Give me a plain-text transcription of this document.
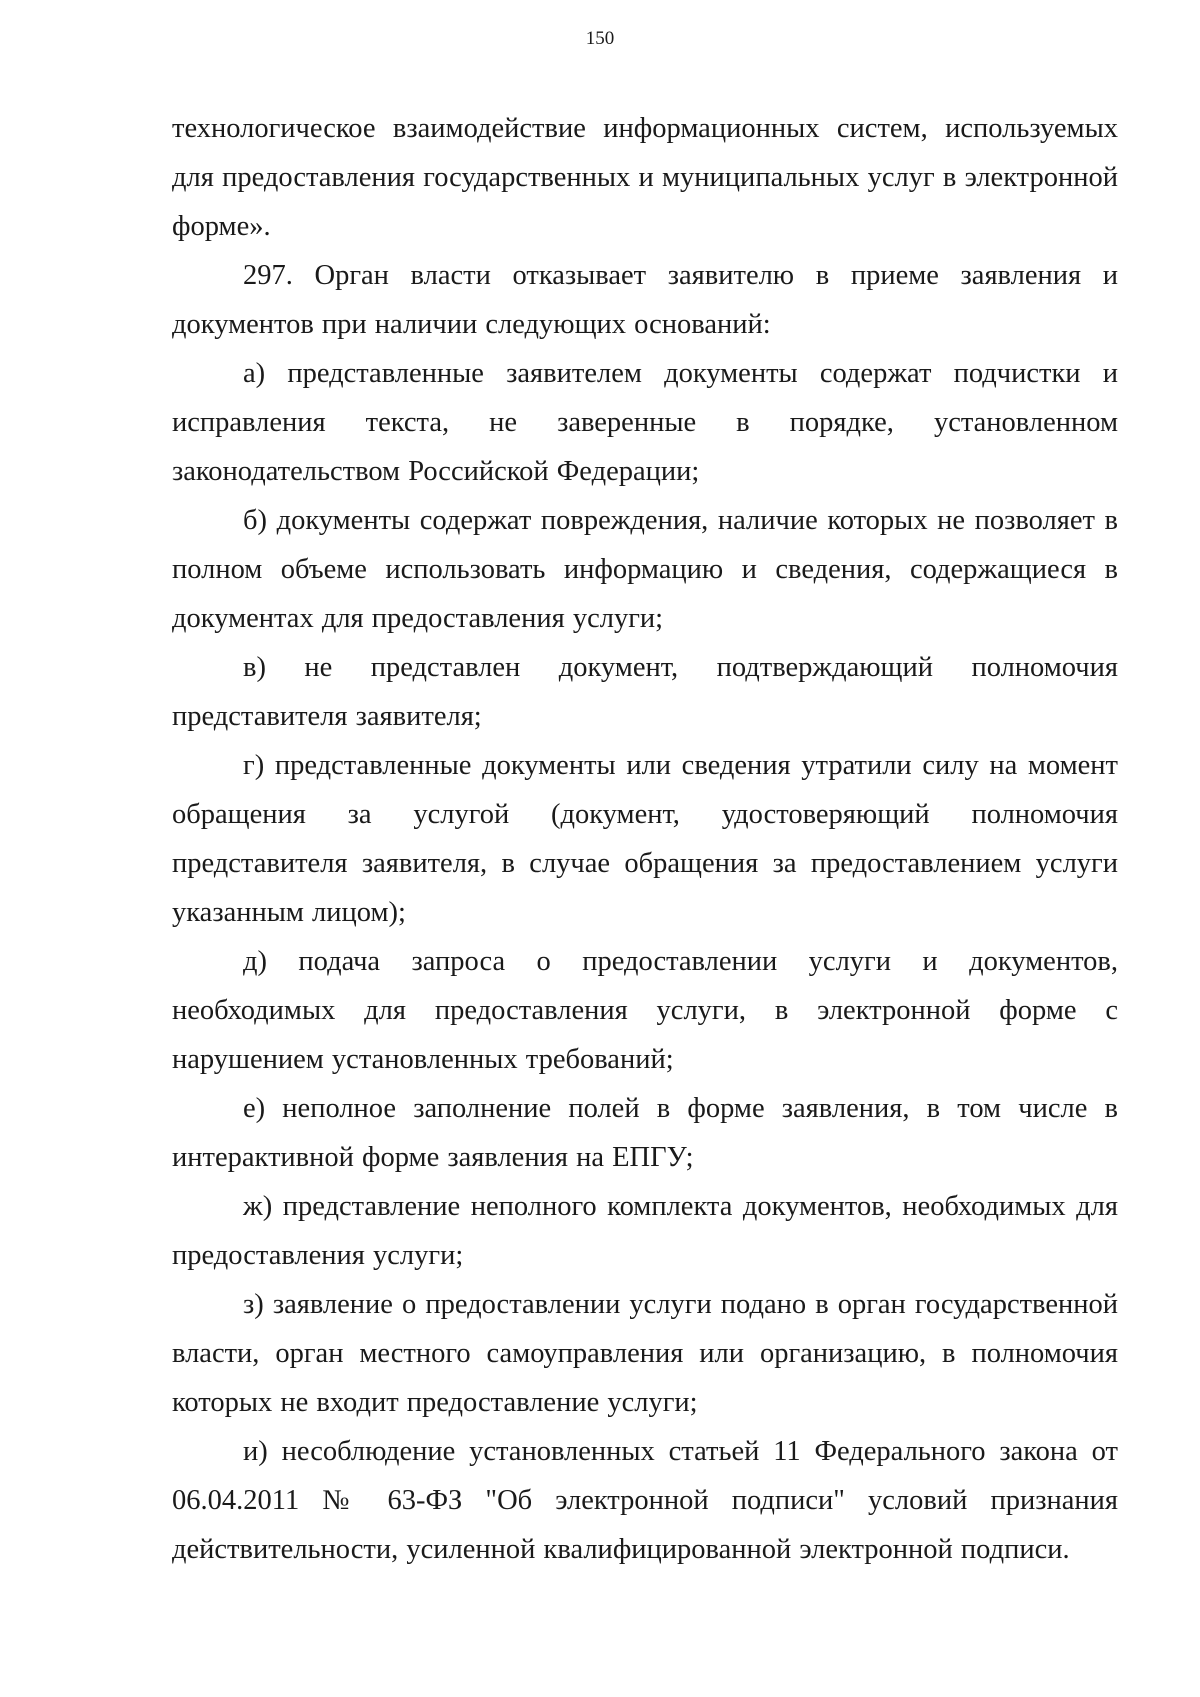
150

технологическое взаимодействие информационных систем, используемых для предоставления государственных и муниципальных услуг в электронной форме».

297. Орган власти отказывает заявителю в приеме заявления и документов при наличии следующих оснований:

а) представленные заявителем документы содержат подчистки и исправления текста, не заверенные в порядке, установленном законодательством Российской Федерации;

б) документы содержат повреждения, наличие которых не позволяет в полном объеме использовать информацию и сведения, содержащиеся в документах для предоставления услуги;

в) не представлен документ, подтверждающий полномочия представителя заявителя;

г) представленные документы или сведения утратили силу на момент обращения за услугой (документ, удостоверяющий полномочия представителя заявителя, в случае обращения за предоставлением услуги указанным лицом);

д) подача запроса о предоставлении услуги и документов, необходимых для предоставления услуги, в электронной форме с нарушением установленных требований;

е) неполное заполнение полей в форме заявления, в том числе в интерактивной форме заявления на ЕПГУ;

ж) представление неполного комплекта документов, необходимых для предоставления услуги;

з) заявление о предоставлении услуги подано в орган государственной власти, орган местного самоуправления или организацию, в полномочия которых не входит предоставление услуги;

и) несоблюдение установленных статьей 11 Федерального закона от 06.04.2011 № 63-ФЗ "Об электронной подписи" условий признания действительности, усиленной квалифицированной электронной подписи.
